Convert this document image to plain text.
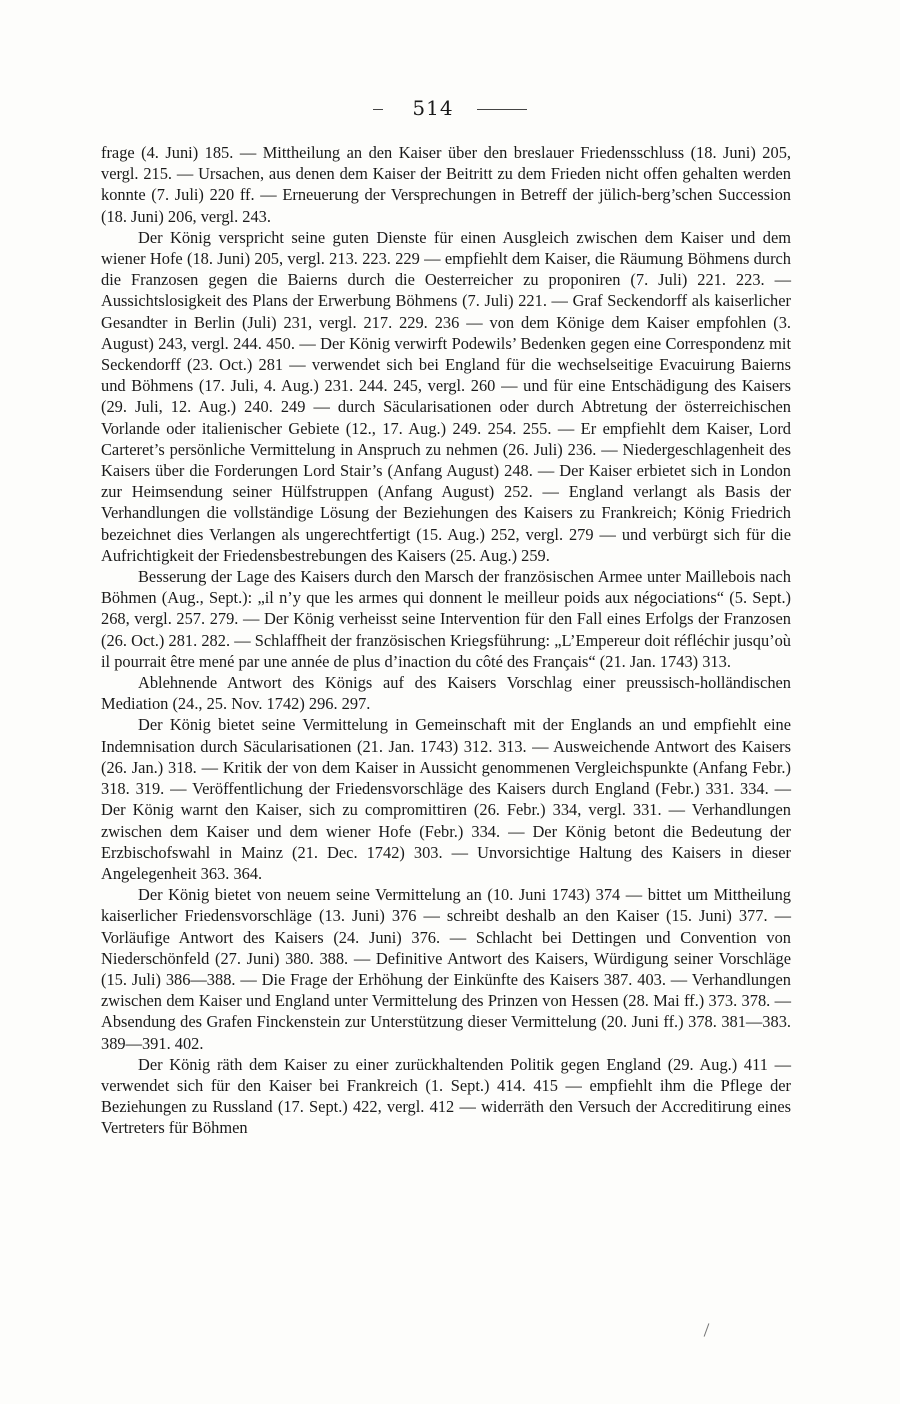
514

frage (4. Juni) 185. — Mittheilung an den Kaiser über den breslauer Friedensschluss (18. Juni) 205, vergl. 215. — Ursachen, aus denen dem Kaiser der Beitritt zu dem Frieden nicht offen gehalten werden konnte (7. Juli) 220 ff. — Erneuerung der Versprechungen in Betreff der jülich-berg’schen Succession (18. Juni) 206, vergl. 243.

Der König verspricht seine guten Dienste für einen Ausgleich zwischen dem Kaiser und dem wiener Hofe (18. Juni) 205, vergl. 213. 223. 229 — empfiehlt dem Kaiser, die Räumung Böhmens durch die Franzosen gegen die Baierns durch die Oesterreicher zu proponiren (7. Juli) 221. 223. — Aussichtslosigkeit des Plans der Erwerbung Böhmens (7. Juli) 221. — Graf Seckendorff als kaiserlicher Gesandter in Berlin (Juli) 231, vergl. 217. 229. 236 — von dem Könige dem Kaiser empfohlen (3. August) 243, vergl. 244. 450. — Der König verwirft Podewils’ Bedenken gegen eine Correspondenz mit Seckendorff (23. Oct.) 281 — verwendet sich bei England für die wechselseitige Evacuirung Baierns und Böhmens (17. Juli, 4. Aug.) 231. 244. 245, vergl. 260 — und für eine Entschädigung des Kaisers (29. Juli, 12. Aug.) 240. 249 — durch Säcularisationen oder durch Abtretung der österreichischen Vorlande oder italienischer Gebiete (12., 17. Aug.) 249. 254. 255. — Er empfiehlt dem Kaiser, Lord Carteret’s persönliche Vermittelung in Anspruch zu nehmen (26. Juli) 236. — Niedergeschlagenheit des Kaisers über die Forderungen Lord Stair’s (Anfang August) 248. — Der Kaiser erbietet sich in London zur Heimsendung seiner Hülfstruppen (Anfang August) 252. — England verlangt als Basis der Verhandlungen die vollständige Lösung der Beziehungen des Kaisers zu Frankreich; König Friedrich bezeichnet dies Verlangen als ungerechtfertigt (15. Aug.) 252, vergl. 279 — und verbürgt sich für die Aufrichtigkeit der Friedensbestrebungen des Kaisers (25. Aug.) 259.

Besserung der Lage des Kaisers durch den Marsch der französischen Armee unter Maillebois nach Böhmen (Aug., Sept.): „il n’y que les armes qui donnent le meilleur poids aux négociations“ (5. Sept.) 268, vergl. 257. 279. — Der König verheisst seine Intervention für den Fall eines Erfolgs der Franzosen (26. Oct.) 281. 282. — Schlaffheit der französischen Kriegsführung: „L’Empereur doit réfléchir jusqu’où il pourrait être mené par une année de plus d’inaction du côté des Français“ (21. Jan. 1743) 313.

Ablehnende Antwort des Königs auf des Kaisers Vorschlag einer preussisch-holländischen Mediation (24., 25. Nov. 1742) 296. 297.

Der König bietet seine Vermittelung in Gemeinschaft mit der Englands an und empfiehlt eine Indemnisation durch Säcularisationen (21. Jan. 1743) 312. 313. — Ausweichende Antwort des Kaisers (26. Jan.) 318. — Kritik der von dem Kaiser in Aussicht genommenen Vergleichspunkte (Anfang Febr.) 318. 319. — Veröffentlichung der Friedensvorschläge des Kaisers durch England (Febr.) 331. 334. — Der König warnt den Kaiser, sich zu compromittiren (26. Febr.) 334, vergl. 331. — Verhandlungen zwischen dem Kaiser und dem wiener Hofe (Febr.) 334. — Der König betont die Bedeutung der Erzbischofswahl in Mainz (21. Dec. 1742) 303. — Unvorsichtige Haltung des Kaisers in dieser Angelegenheit 363. 364.

Der König bietet von neuem seine Vermittelung an (10. Juni 1743) 374 — bittet um Mittheilung kaiserlicher Friedensvorschläge (13. Juni) 376 — schreibt deshalb an den Kaiser (15. Juni) 377. — Vorläufige Antwort des Kaisers (24. Juni) 376. — Schlacht bei Dettingen und Convention von Niederschönfeld (27. Juni) 380. 388. — Definitive Antwort des Kaisers, Würdigung seiner Vorschläge (15. Juli) 386—388. — Die Frage der Erhöhung der Einkünfte des Kaisers 387. 403. — Verhandlungen zwischen dem Kaiser und England unter Vermittelung des Prinzen von Hessen (28. Mai ff.) 373. 378. — Absendung des Grafen Finckenstein zur Unterstützung dieser Vermittelung (20. Juni ff.) 378. 381—383. 389—391. 402.

Der König räth dem Kaiser zu einer zurückhaltenden Politik gegen England (29. Aug.) 411 — verwendet sich für den Kaiser bei Frankreich (1. Sept.) 414. 415 — empfiehlt ihm die Pflege der Beziehungen zu Russland (17. Sept.) 422, vergl. 412 — widerräth den Versuch der Accreditirung eines Vertreters für Böhmen
